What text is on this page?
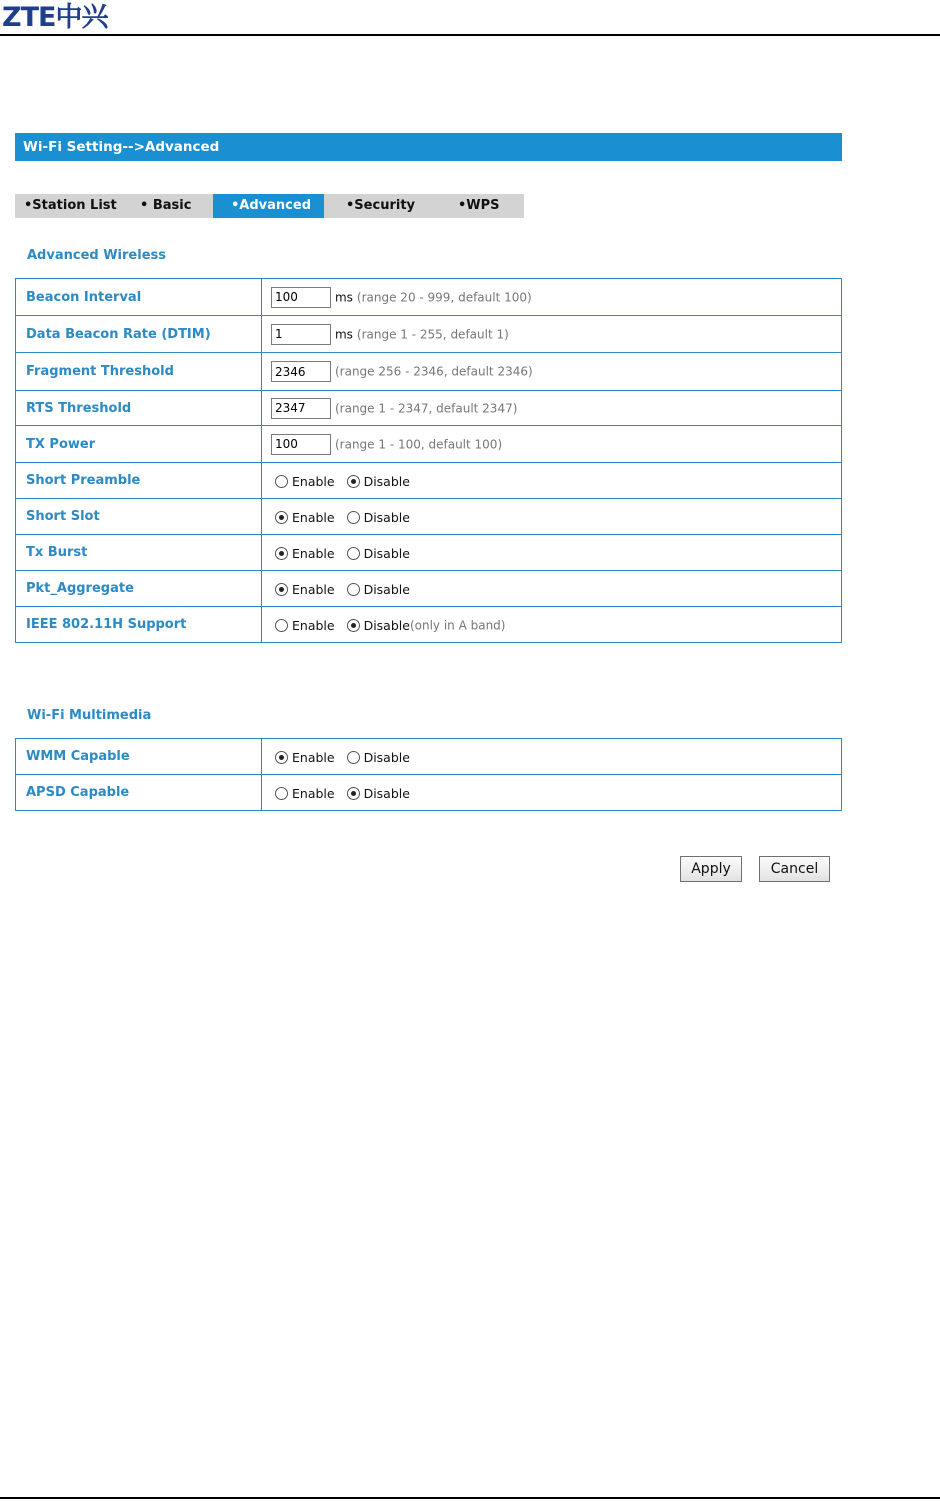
ZTE中兴
Wi-Fi Setting-->Advanced
•Station List • Basic	•Advanced	•Security	•WPS
Advanced Wireless
Beacon Interval	100ms (range 20 - 999, default 100)
Data Beacon Rate (DTIM)	1ms (range 1 - 255, default 1)
Fragment Threshold	2346(range 256 - 2346, default 2346)
RTS Threshold	2347(range 1 - 2347, default 2347)
TX Power	100(range 1 - 100, default 100)
Short Preamble	Enable Disable
Short Slot	Enable Disable
Tx Burst	Enable Disable
Pkt_Aggregate	Enable Disable
IEEE 802.11H Support	Enable Disable(only in A band)
Wi-Fi Multimedia
WMM Capable	Enable Disable
APSD Capable	Enable Disable
Apply	Cancel
